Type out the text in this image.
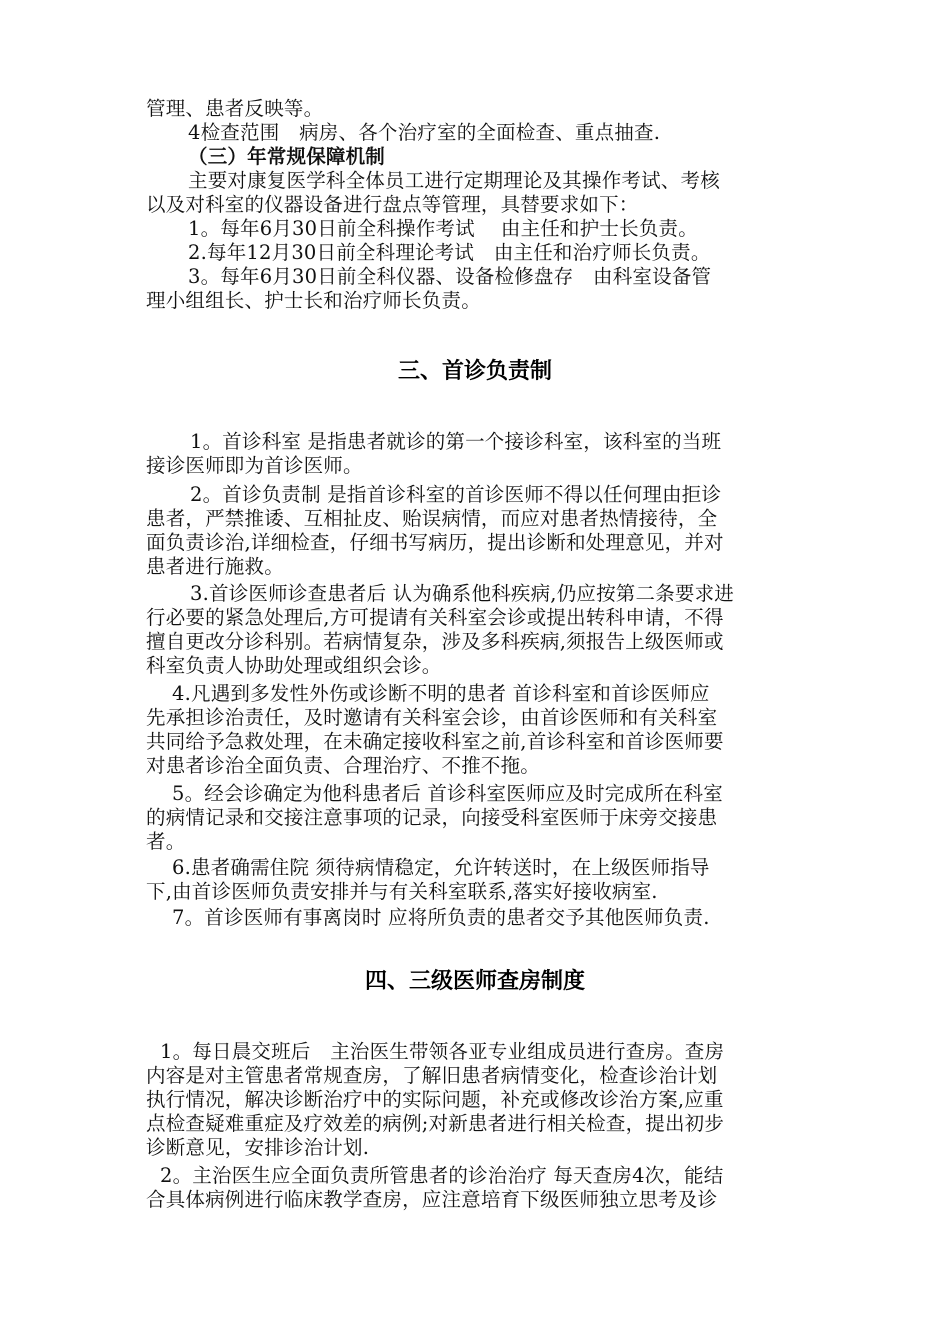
管理、患者反映等。
4检查范围　病房、各个治疗室的全面检查、重点抽查.
（三）年常规保障机制
主要对康复医学科全体员工进行定期理论及其操作考试、考核
以及对科室的仪器设备进行盘点等管理，具替要求如下：
1。每年6月30日前全科操作考试　 由主任和护士长负责。
2.每年12月30日前全科理论考试　由主任和治疗师长负责。
3。每年6月30日前全科仪器、设备检修盘存　由科室设备管
理小组组长、护士长和治疗师长负责。
三、首诊负责制
1。首诊科室 是指患者就诊的第一个接诊科室，该科室的当班
接诊医师即为首诊医师。
2。首诊负责制 是指首诊科室的首诊医师不得以任何理由拒诊
患者，严禁推诿、互相扯皮、贻误病情，而应对患者热情接待，全
面负责诊治,详细检查，仔细书写病历，提出诊断和处理意见，并对
患者进行施救。
3.首诊医师诊查患者后 认为确系他科疾病,仍应按第二条要求进
行必要的紧急处理后,方可提请有关科室会诊或提出转科申请，不得
擅自更改分诊科别。若病情复杂，涉及多科疾病,须报告上级医师或
科室负责人协助处理或组织会诊。
4.凡遇到多发性外伤或诊断不明的患者 首诊科室和首诊医师应
先承担诊治责任，及时邀请有关科室会诊，由首诊医师和有关科室
共同给予急救处理，在未确定接收科室之前,首诊科室和首诊医师要
对患者诊治全面负责、合理治疗、不推不拖。
5。经会诊确定为他科患者后 首诊科室医师应及时完成所在科室
的病情记录和交接注意事项的记录，向接受科室医师于床旁交接患
者。
6.患者确需住院 须待病情稳定，允许转送时，在上级医师指导
下,由首诊医师负责安排并与有关科室联系,落实好接收病室.
7。首诊医师有事离岗时 应将所负责的患者交予其他医师负责.
四、三级医师查房制度
1。每日晨交班后　主治医生带领各亚专业组成员进行查房。查房
内容是对主管患者常规查房，了解旧患者病情变化，检查诊治计划
执行情况，解决诊断治疗中的实际问题，补充或修改诊治方案,应重
点检查疑难重症及疗效差的病例;对新患者进行相关检查，提出初步
诊断意见，安排诊治计划.
2。主治医生应全面负责所管患者的诊治治疗 每天查房4次，能结
合具体病例进行临床教学查房，应注意培育下级医师独立思考及诊
